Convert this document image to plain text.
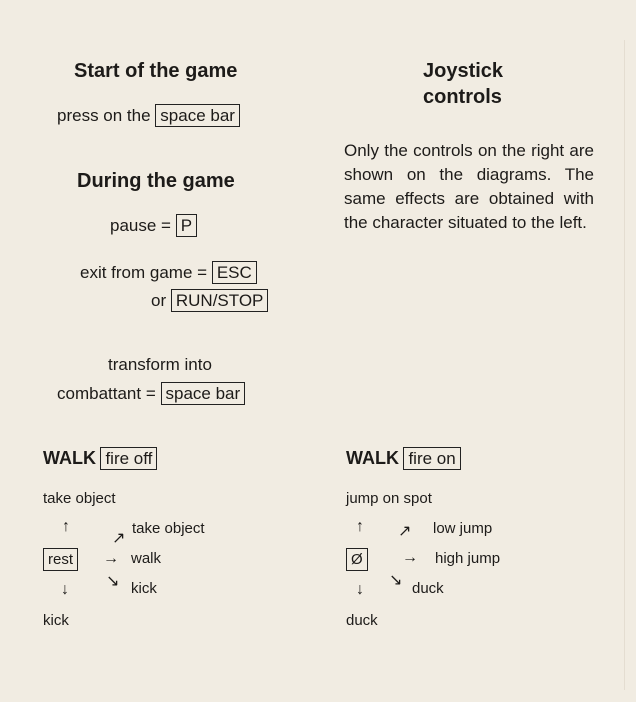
Start of the game
press on the space bar
Joystick
controls
Only the controls on the right are shown on the diagrams. The same effects are obtained with the character situated to the left.
During the game
pause = P
exit from game = ESC
or RUN/STOP
transform into
combattant = space bar
WALK fire off
take object
↑
↗
take object
rest	→ walk
↘ kick
↓
kick
WALK fire on
jump on spot
↑ ↗ low jump
Ø	→ high jump
↘ duck
↓
duck
